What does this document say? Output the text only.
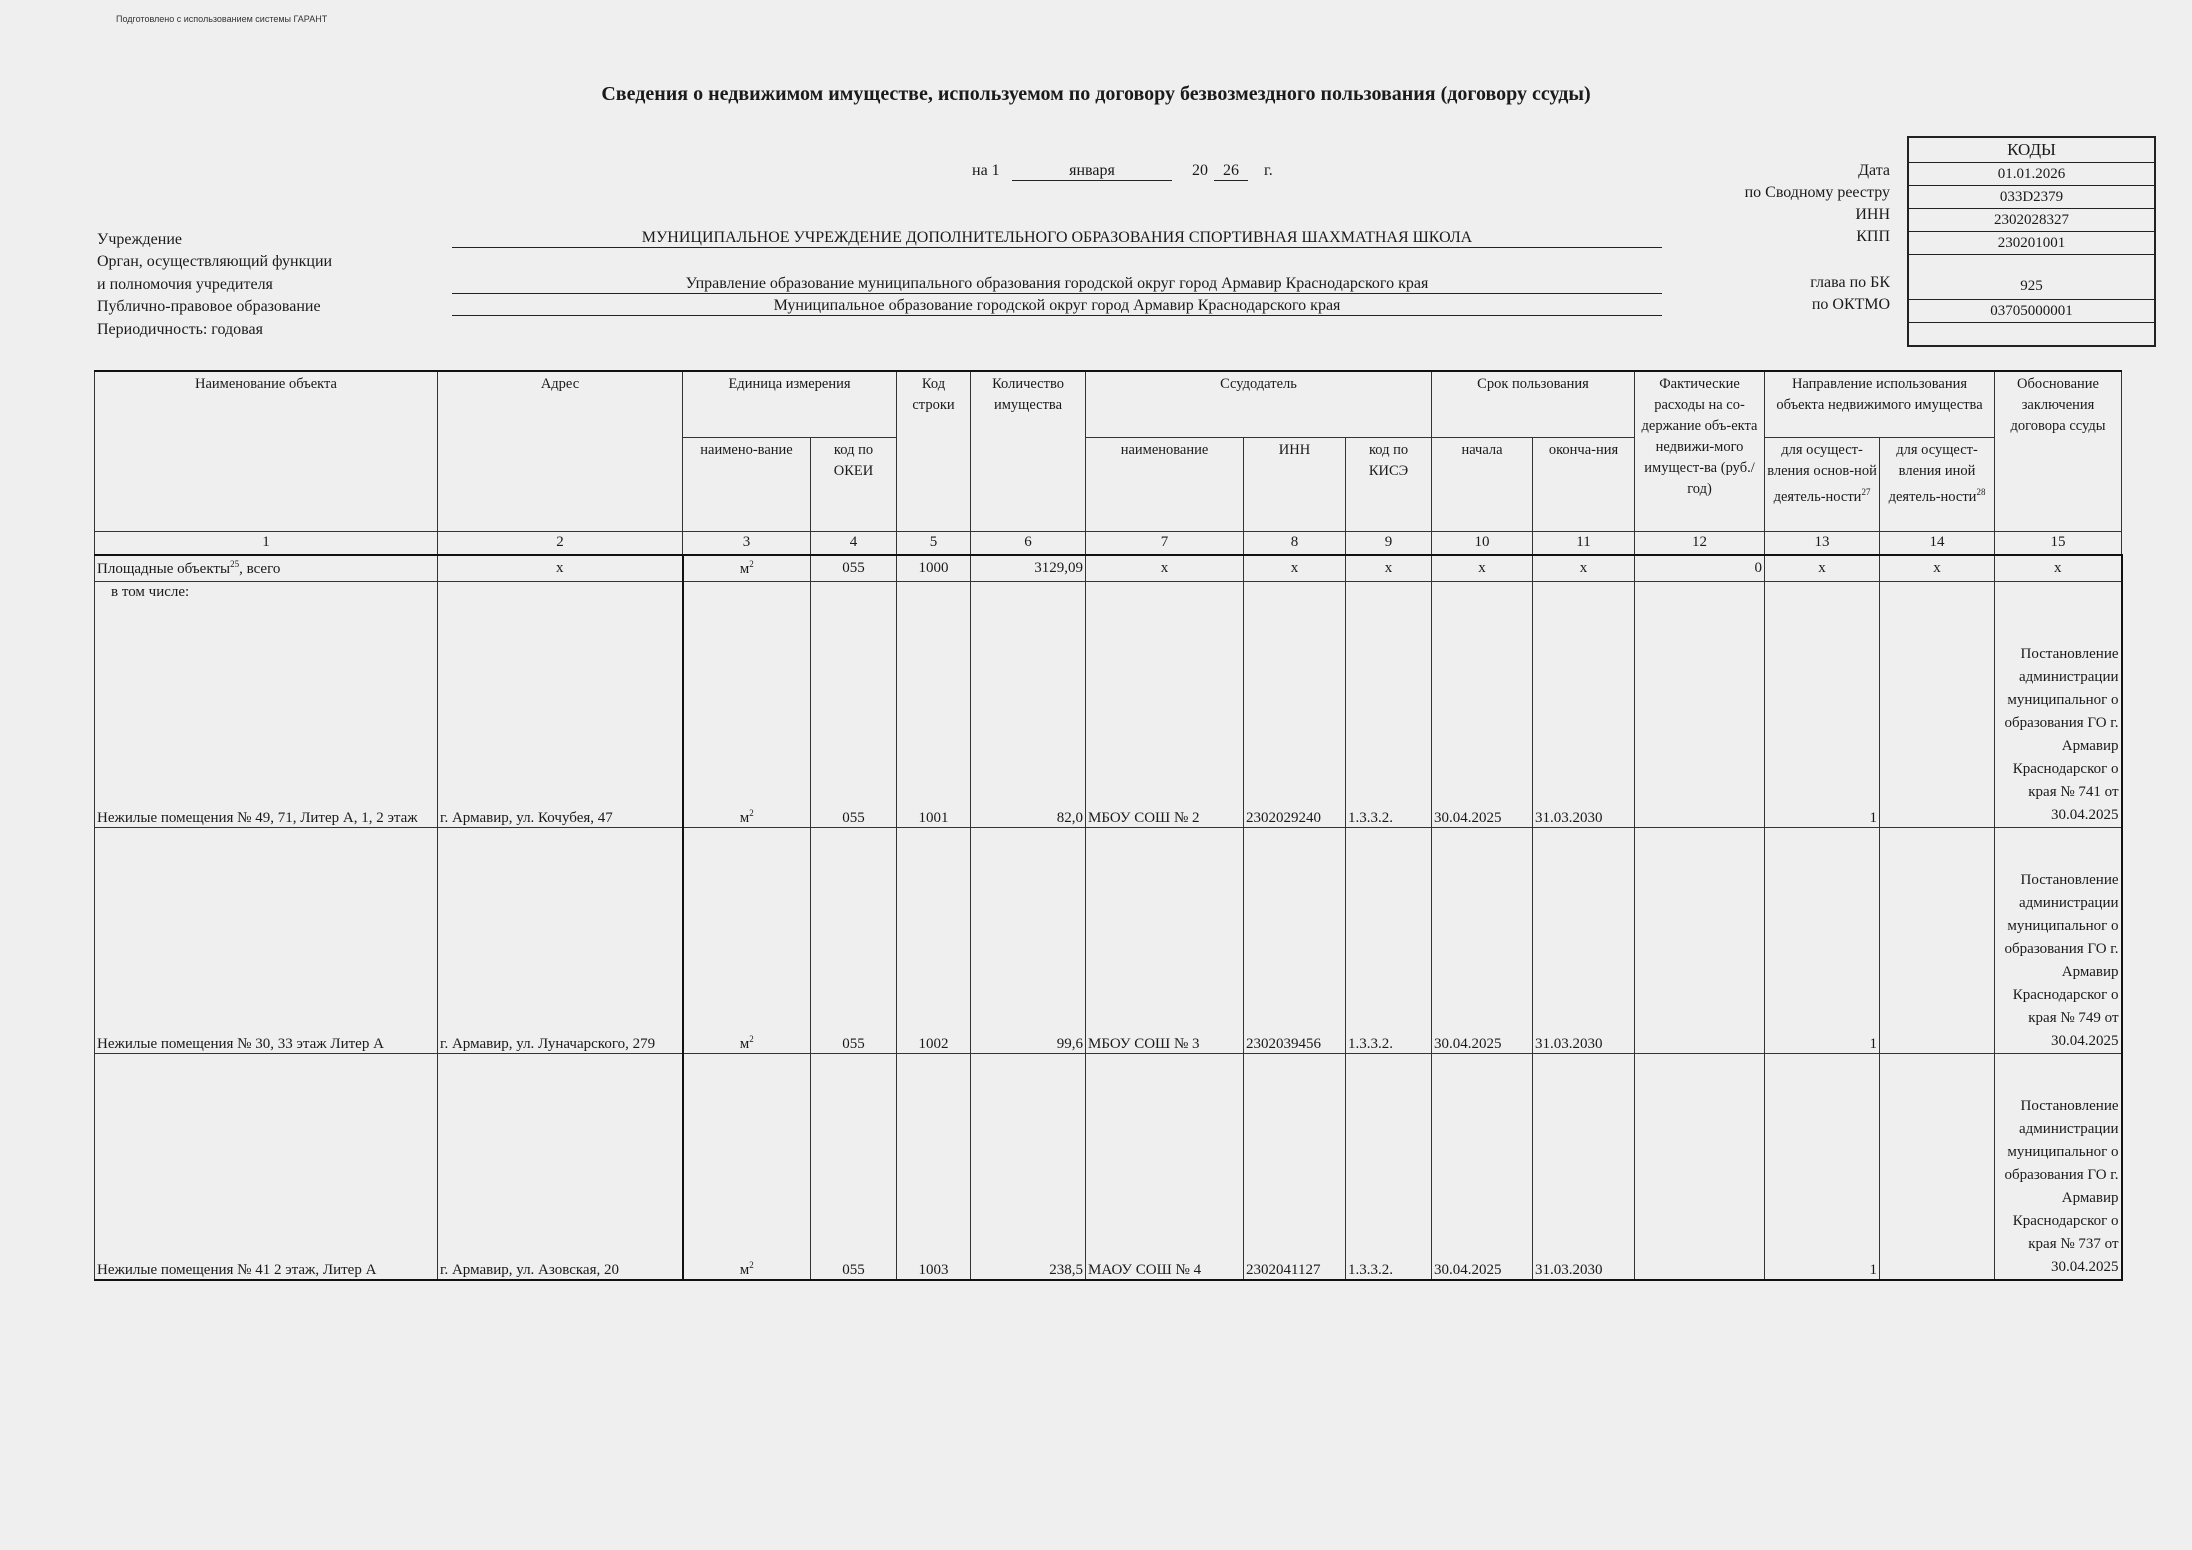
Подготовлено с использованием системы ГАРАНТ
Сведения о недвижимом имуществе, используемом по договору безвозмездного пользования (договору ссуды)
на 1	января	20 26	г.	Дата
по Сводному реестру
ИНН
КПП
глава по БК
по ОКТМО
КОДЫ
01.01.2026
033D2379
2302028327
230201001
925
03705000001
Учреждение	МУНИЦИПАЛЬНОЕ УЧРЕЖДЕНИЕ ДОПОЛНИТЕЛЬНОГО ОБРАЗОВАНИЯ СПОРТИВНАЯ ШАХМАТНАЯ ШКОЛА
Орган, осуществляющий функции
и полномочия учредителя	Управление образование муниципального образования городской округ город Армавир Краснодарского края
Публично-правовое образование	Муниципальное образование городской округ город Армавир Краснодарского края
Периодичность: годовая
Наименование объекта	Адрес	Единица измерения		Код строки	Количество имущества	Ссудодатель			Срок пользования		Фактические расходы на со-держание объ-екта недвижи-мого имущест-ва (руб./год)	Направление использования объекта недвижимого имущества		Обоснование заключения договора ссуды
		наимено-вание	код по ОКЕИ			наименование	ИНН	код по КИСЭ	начала	оконча-ния		для осущест-вления основ-ной деятель-ности$^{27}$	для осущест-вления иной деятель-ности$^{28}$
1	2	3	4	5	6	7	8	9	10	11	12	13	14	15
Площадные объекты$^{25}$, всего	х	$м^2$	055	1000	3129,09	х	х	х	х	х	0	х	х	х

в том числе:
Нежилые помещения № 49, 71, Литер А, 1, 2 этаж	г. Армавир, ул. Кочубея, 47	$м^2$	055	1001	82,0	МБОУ СОШ № 2	2302029240	1.3.3.2.	30.04.2025	31.03.2030		1		Постановление администрации муниципальног о образования ГО г. Армавир Краснодарског о края № 741 от 30.04.2025
Нежилые помещения № 30, 33 этаж Литер А	г. Армавир, ул. Луначарского, 279	$м^2$	055	1002	99,6	МБОУ СОШ № 3	2302039456	1.3.3.2.	30.04.2025	31.03.2030		1		Постановление администрации муниципальног о образования ГО г. Армавир Краснодарског о края № 749 от 30.04.2025
Нежилые помещения № 41 2 этаж, Литер А	г. Армавир, ул. Азовская, 20	$м^2$	055	1003	238,5	МАОУ СОШ № 4	2302041127	1.3.3.2.	30.04.2025	31.03.2030		1		Постановление администрации муниципальног о образования ГО г. Армавир Краснодарског о края № 737 от 30.04.2025
